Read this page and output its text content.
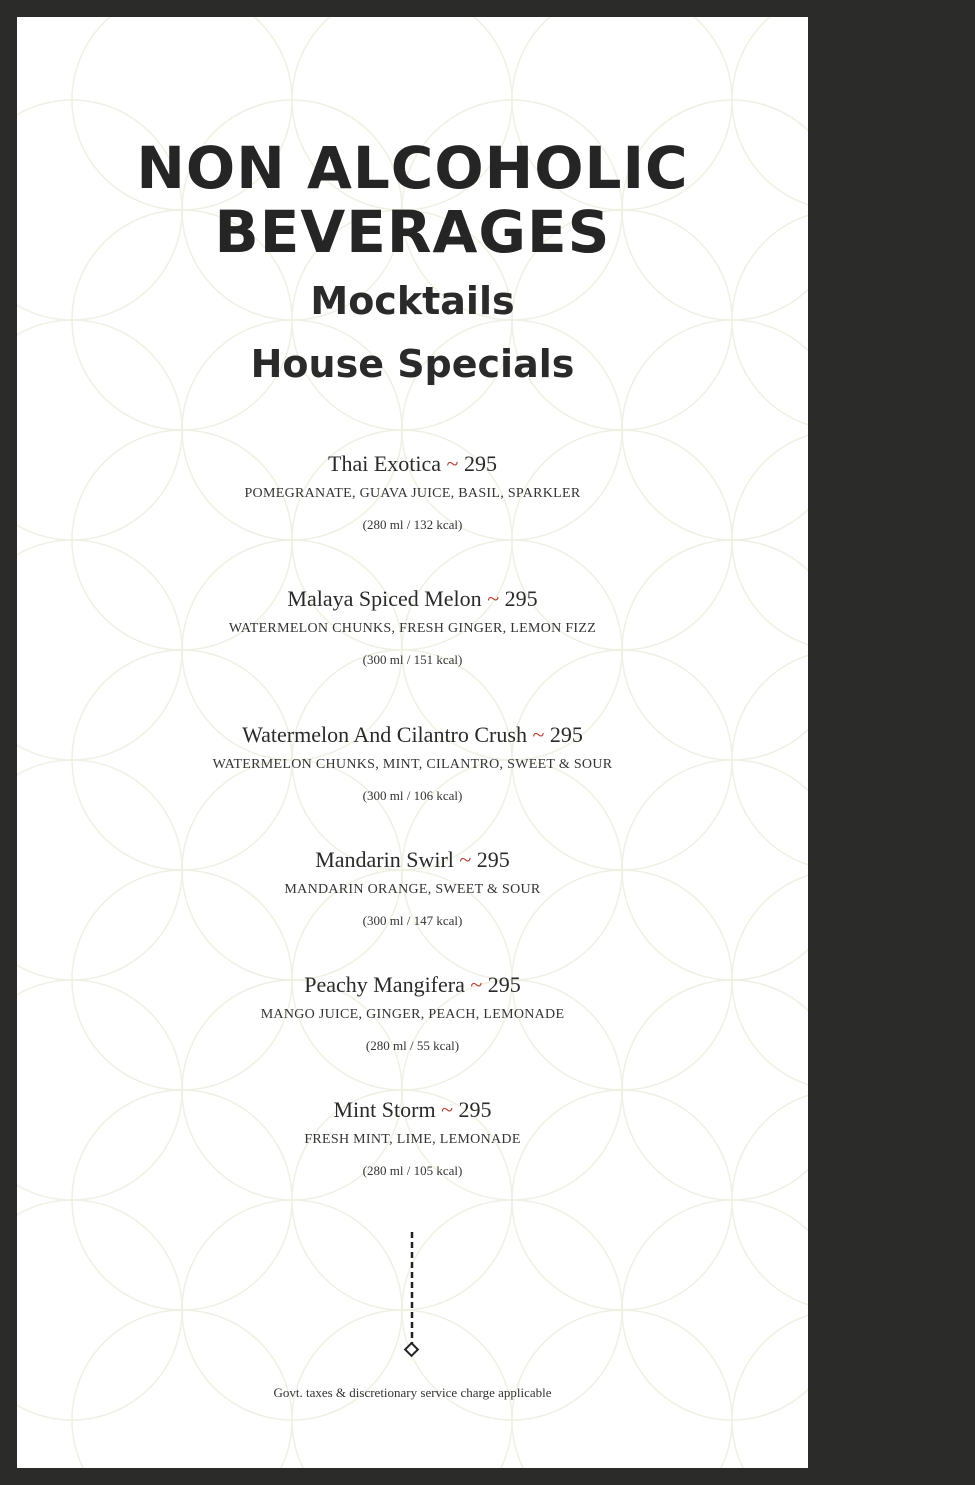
NON ALCOHOLIC
BEVERAGES
Mocktails
House Specials
Thai Exotica ~ 295
POMEGRANATE, GUAVA JUICE, BASIL, SPARKLER
(280 ml / 132 kcal)
Malaya Spiced Melon ~ 295
WATERMELON CHUNKS, FRESH GINGER, LEMON FIZZ
(300 ml / 151 kcal)
Watermelon And Cilantro Crush ~ 295
WATERMELON CHUNKS, MINT, CILANTRO, SWEET & SOUR
(300 ml / 106 kcal)
Mandarin Swirl ~ 295
MANDARIN ORANGE, SWEET & SOUR
(300 ml / 147 kcal)
Peachy Mangifera ~ 295
MANGO JUICE, GINGER, PEACH, LEMONADE
(280 ml / 55 kcal)
Mint Storm ~ 295
FRESH MINT, LIME, LEMONADE
(280 ml / 105 kcal)
Govt. taxes & discretionary service charge applicable
